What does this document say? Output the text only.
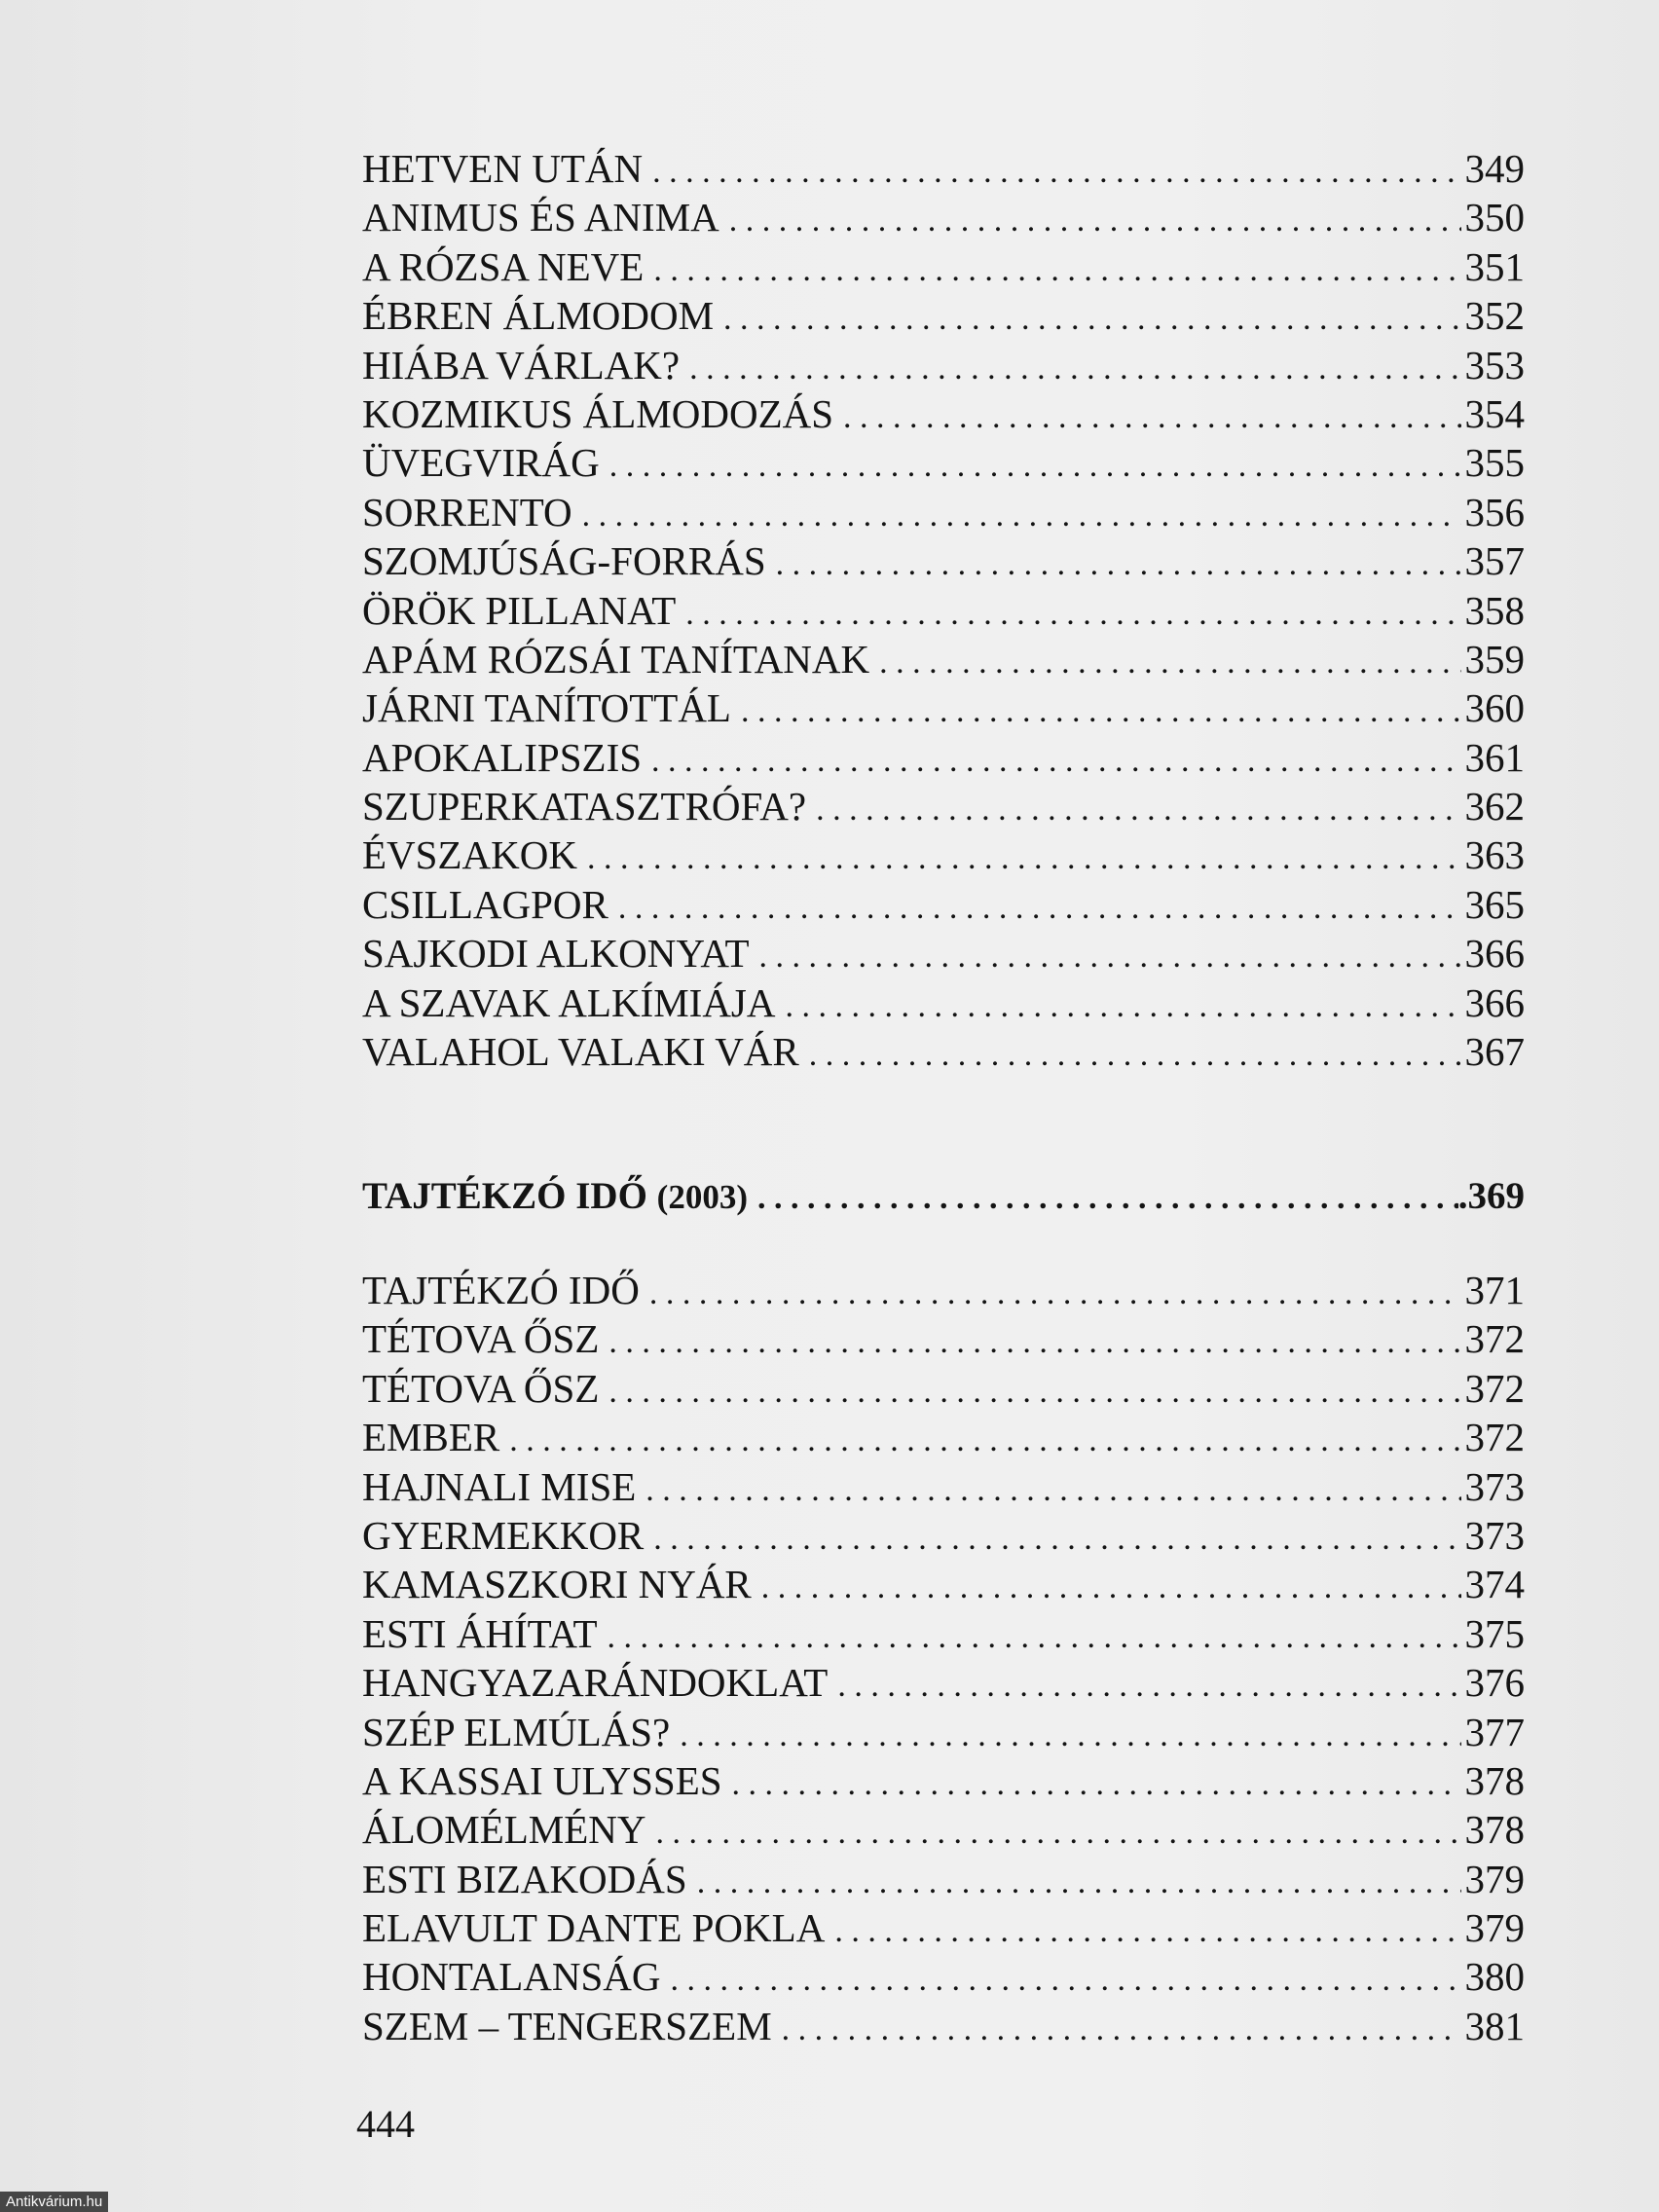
HETVEN UTÁN . . .	349
ANIMUS ÉS ANIMA . . .	350
A RÓZSA NEVE . . .	351
ÉBREN ÁLMODOM . . .	352
HIÁBA VÁRLAK? . . .	353
KOZMIKUS ÁLMODOZÁS . . .	354
ÜVEGVIRÁG . . .	355
SORRENTO . . .	356
SZOMJÚSÁG-FORRÁS . . .	357
ÖRÖK PILLANAT . . .	358
APÁM RÓZSÁI TANÍTANAK . . .	359
JÁRNI TANÍTOTTÁL . . .	360
APOKALIPSZIS . . .	361
SZUPERKATASZTRÓFA? . . .	362
ÉVSZAKOK . . .	363
CSILLAGPOR . . .	365
SAJKODI ALKONYAT . . .	366
A SZAVAK ALKÍMIÁJA . . .	366
VALAHOL VALAKI VÁR . . .	367
TAJTÉKZÓ IDŐ (2003) . . .	.369
TAJTÉKZÓ IDŐ . . .	371
TÉTOVA ŐSZ . . .	372
TÉTOVA ŐSZ . . .	372
EMBER . . .	372
HAJNALI MISE . . .	373
GYERMEKKOR . . .	373
KAMASZKORI NYÁR . . .	374
ESTI ÁHÍTAT . . .	375
HANGYAZARÁNDOKLAT . . .	376
SZÉP ELMÚLÁS? . . .	377
A KASSAI ULYSSES . . .	378
ÁLOMÉLMÉNY . . .	378
ESTI BIZAKODÁS . . .	379
ELAVULT DANTE POKLA . . .	379
HONTALANSÁG . . .	380
SZEM – TENGERSZEM . . .	381
444
Antikvárium.hu
